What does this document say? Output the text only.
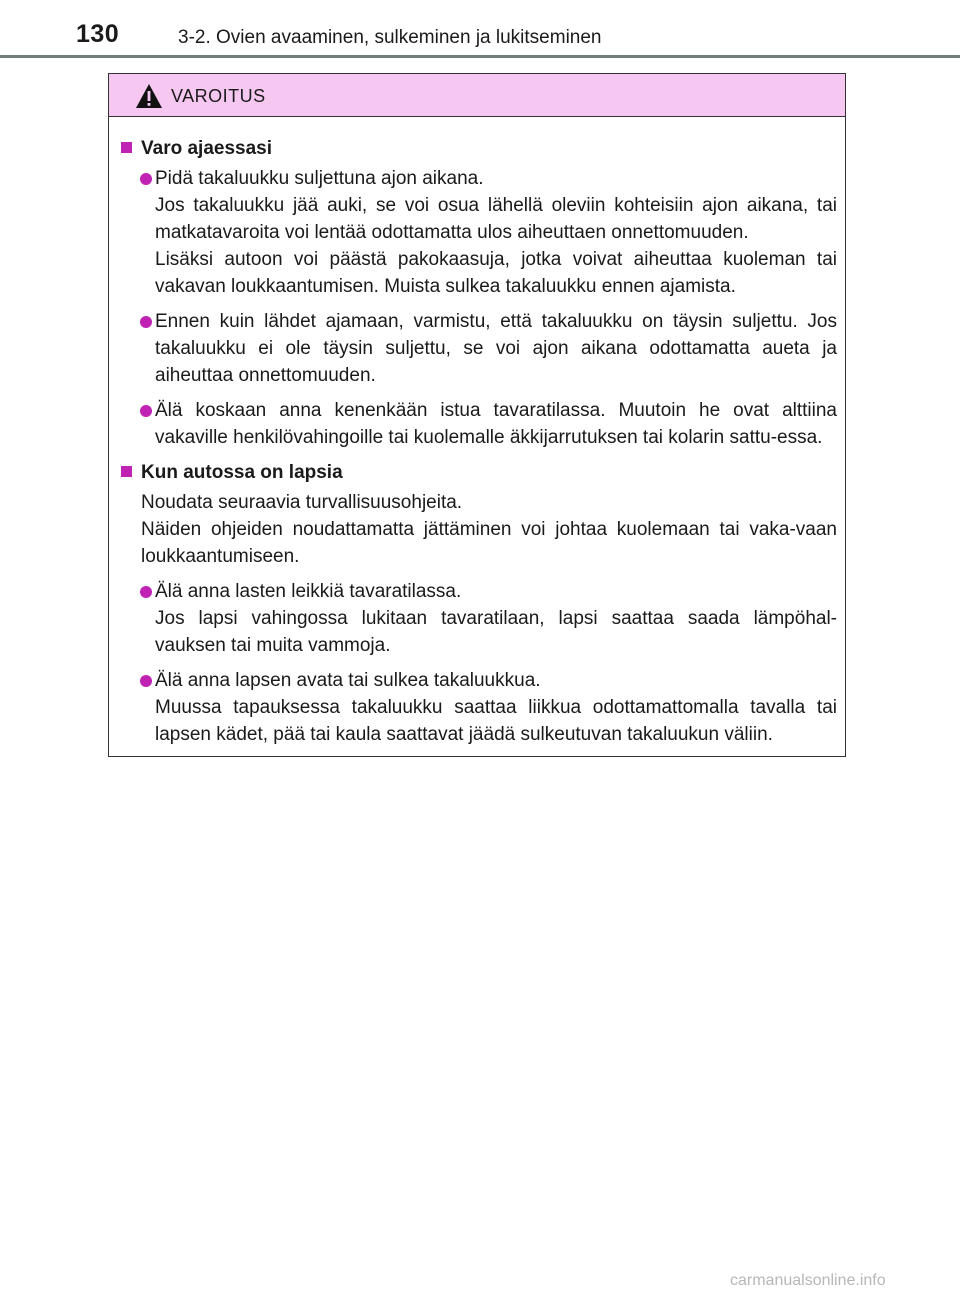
130	3-2. Ovien avaaminen, sulkeminen ja lukitseminen
VAROITUS
Varo ajaessasi
Pidä takaluukku suljettuna ajon aikana.
Jos takaluukku jää auki, se voi osua lähellä oleviin kohteisiin ajon aikana, tai matkatavaroita voi lentää odottamatta ulos aiheuttaen onnettomuuden.
Lisäksi autoon voi päästä pakokaasuja, jotka voivat aiheuttaa kuoleman tai vakavan loukkaantumisen. Muista sulkea takaluukku ennen ajamista.
Ennen kuin lähdet ajamaan, varmistu, että takaluukku on täysin suljettu. Jos takaluukku ei ole täysin suljettu, se voi ajon aikana odottamatta aueta ja aiheuttaa onnettomuuden.
Älä koskaan anna kenenkään istua tavaratilassa. Muutoin he ovat alttiina vakaville henkilövahingoille tai kuolemalle äkkijarrutuksen tai kolarin sattu-essa.
Kun autossa on lapsia
Noudata seuraavia turvallisuusohjeita.
Näiden ohjeiden noudattamatta jättäminen voi johtaa kuolemaan tai vaka-vaan loukkaantumiseen.
Älä anna lasten leikkiä tavaratilassa.
Jos lapsi vahingossa lukitaan tavaratilaan, lapsi saattaa saada lämpöhal-vauksen tai muita vammoja.
Älä anna lapsen avata tai sulkea takaluukkua.
Muussa tapauksessa takaluukku saattaa liikkua odottamattomalla tavalla tai lapsen kädet, pää tai kaula saattavat jäädä sulkeutuvan takaluukun väliin.
carmanualsonline.info
